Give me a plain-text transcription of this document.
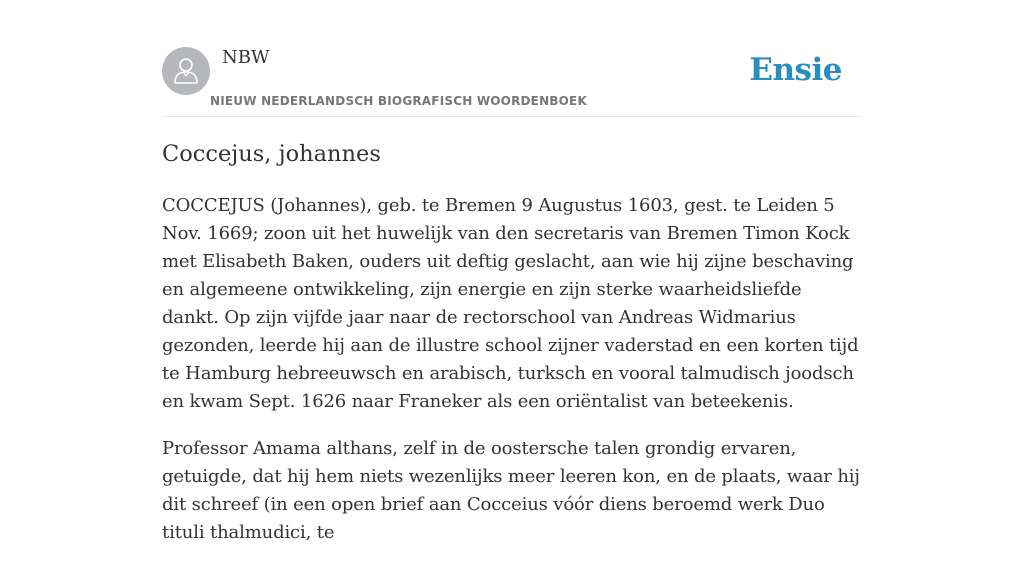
NBW
NIEUW NEDERLANDSCH BIOGRAFISCH WOORDENBOEK
Ensie
Coccejus, johannes

COCCEJUS (Johannes), geb. te Bremen 9 Augustus 1603, gest. te Leiden 5 Nov. 1669; zoon uit het huwelijk van den secretaris van Bremen Timon Kock met Elisabeth Baken, ouders uit deftig geslacht, aan wie hij zijne beschaving en algemeene ontwikkeling, zijn energie en zijn sterke waarheidsliefde dankt. Op zijn vijfde jaar naar de rectorschool van Andreas Widmarius gezonden, leerde hij aan de illustre school zijner vaderstad en een korten tijd te Hamburg hebreeuwsch en arabisch, turksch en vooral talmudisch joodsch en kwam Sept. 1626 naar Franeker als een oriëntalist van beteekenis.

Professor Amama althans, zelf in de oostersche talen grondig ervaren, getuigde, dat hij hem niets wezenlijks meer leeren kon, en de plaats, waar hij dit schreef (in een open brief aan Cocceius vóór diens beroemd werk Duo tituli thalmudici, te
